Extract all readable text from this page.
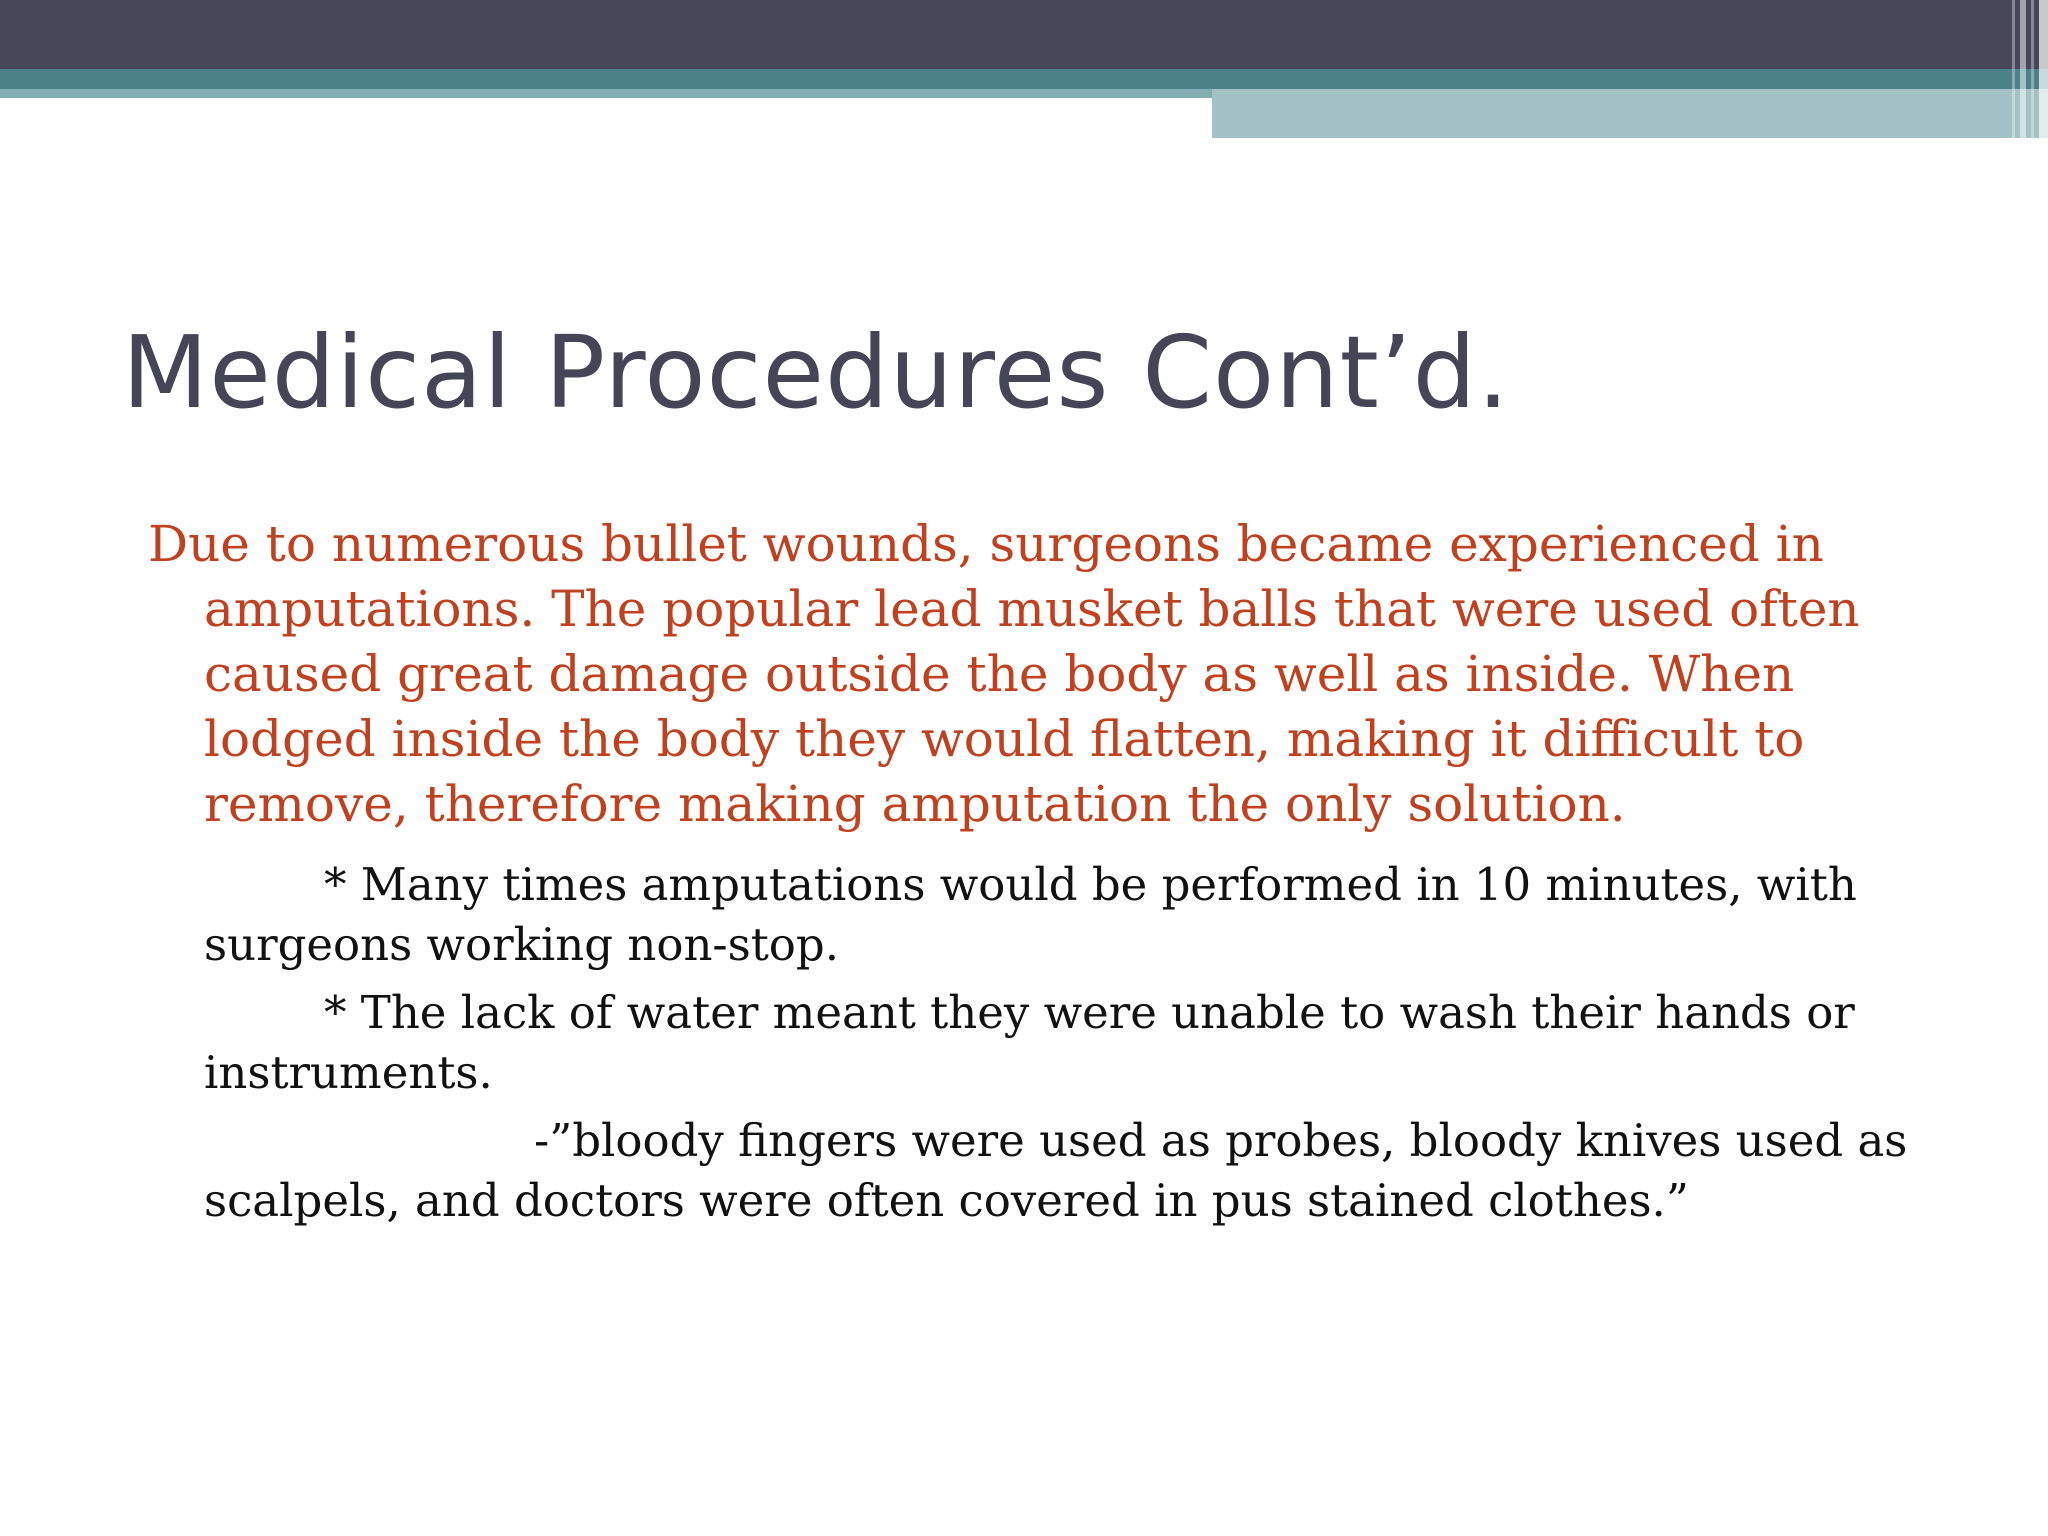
Medical Procedures Cont’d.

Due to numerous bullet wounds, surgeons became experienced in amputations. The popular lead musket balls that were used often caused great damage outside the body as well as inside. When lodged inside the body they would flatten, making it difficult to remove, therefore making amputation the only solution.

* Many times amputations would be performed in 10 minutes, with surgeons working non-stop.

* The lack of water meant they were unable to wash their hands or instruments.

-”bloody fingers were used as probes, bloody knives used as scalpels, and doctors were often covered in pus stained clothes.”
